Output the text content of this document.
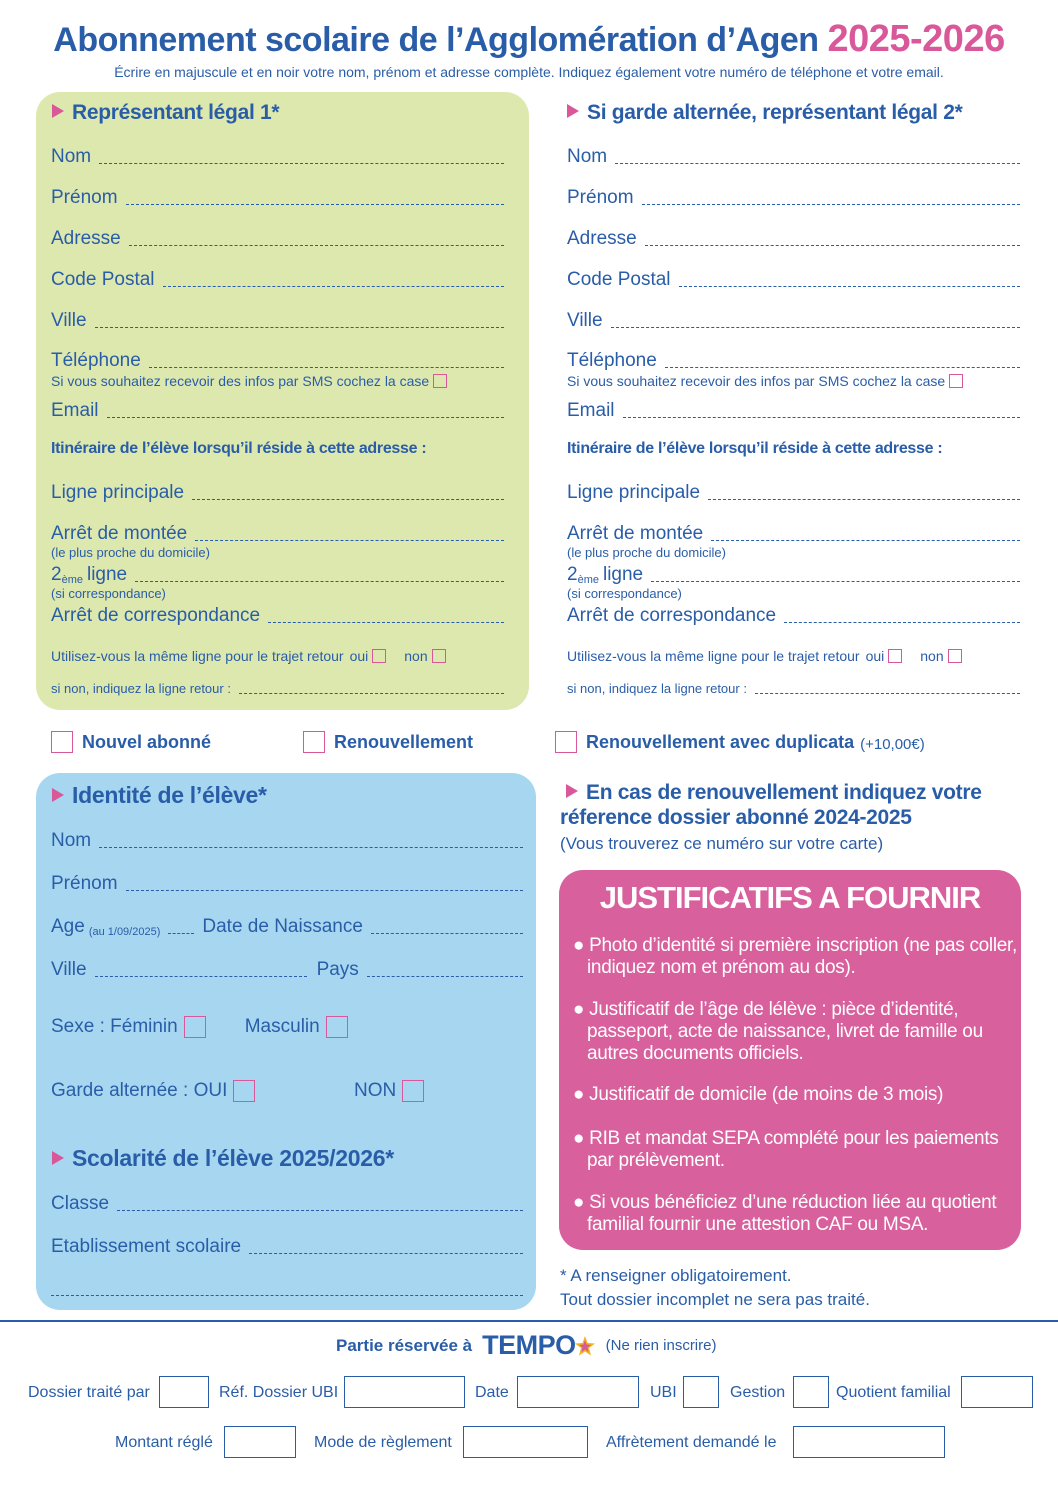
Abonnement scolaire de l’Agglomération d’Agen 2025-2026
Écrire en majuscule et en noir votre nom, prénom et adresse complète. Indiquez également votre numéro de téléphone et votre email.
Représentant légal 1*
Nom
Prénom
Adresse
Code Postal
Ville
Téléphone
Si vous souhaitez recevoir des infos par SMS cochez la case
Email
Itinéraire de l’élève lorsqu’il réside à cette adresse :
Ligne principale
Arrêt de montée
(le plus proche du domicile)
$2_{ème}$ ligne
(si correspondance)
Arrêt de correspondance
Utilisez-vous la même ligne pour le trajet retour oui	non
si non, indiquez la ligne retour :
Si garde alternée, représentant légal 2*
Nom
Prénom
Adresse
Code Postal
Ville
Téléphone
Si vous souhaitez recevoir des infos par SMS cochez la case
Email
Itinéraire de l’élève lorsqu’il réside à cette adresse :
Ligne principale
Arrêt de montée
(le plus proche du domicile)
$2_{ème}$ ligne
(si correspondance)
Arrêt de correspondance
Utilisez-vous la même ligne pour le trajet retour oui	non
si non, indiquez la ligne retour :
Nouvel abonné	Renouvellement	Renouvellement avec duplicata (+10,00€)
Identité de l’élève*
Nom
Prénom
Age (au 1/09/2025) Date de Naissance
Ville	Pays
Sexe : Féminin	Masculin
Garde alternée : OUI	NON
Scolarité de l’élève 2025/2026*
Classe
Etablissement scolaire
En cas de renouvellement indiquez votre
réference dossier abonné 2024-2025
(Vous trouverez ce numéro sur votre carte)
JUSTIFICATIFS A FOURNIR
● Photo d’identité si première inscription (ne pas coller, indiquez nom et prénom au dos).
● Justificatif de l’âge de lélève : pièce d’identité, passeport, acte de naissance, livret de famille ou autres documents officiels.
● Justificatif de domicile (de moins de 3 mois)
● RIB et mandat SEPA complété pour les paiements par prélèvement.
● Si vous bénéficiez d’une réduction liée au quotient familial fournir une attestion CAF ou MSA.
* A renseigner obligatoirement.
Tout dossier incomplet ne sera pas traité.
Partie réservée à TEMPO (Ne rien inscrire)
Dossier traité par	Réf. Dossier UBI	Date	UBI	Gestion	Quotient familial
Montant réglé	Mode de règlement	Affrètement demandé le
